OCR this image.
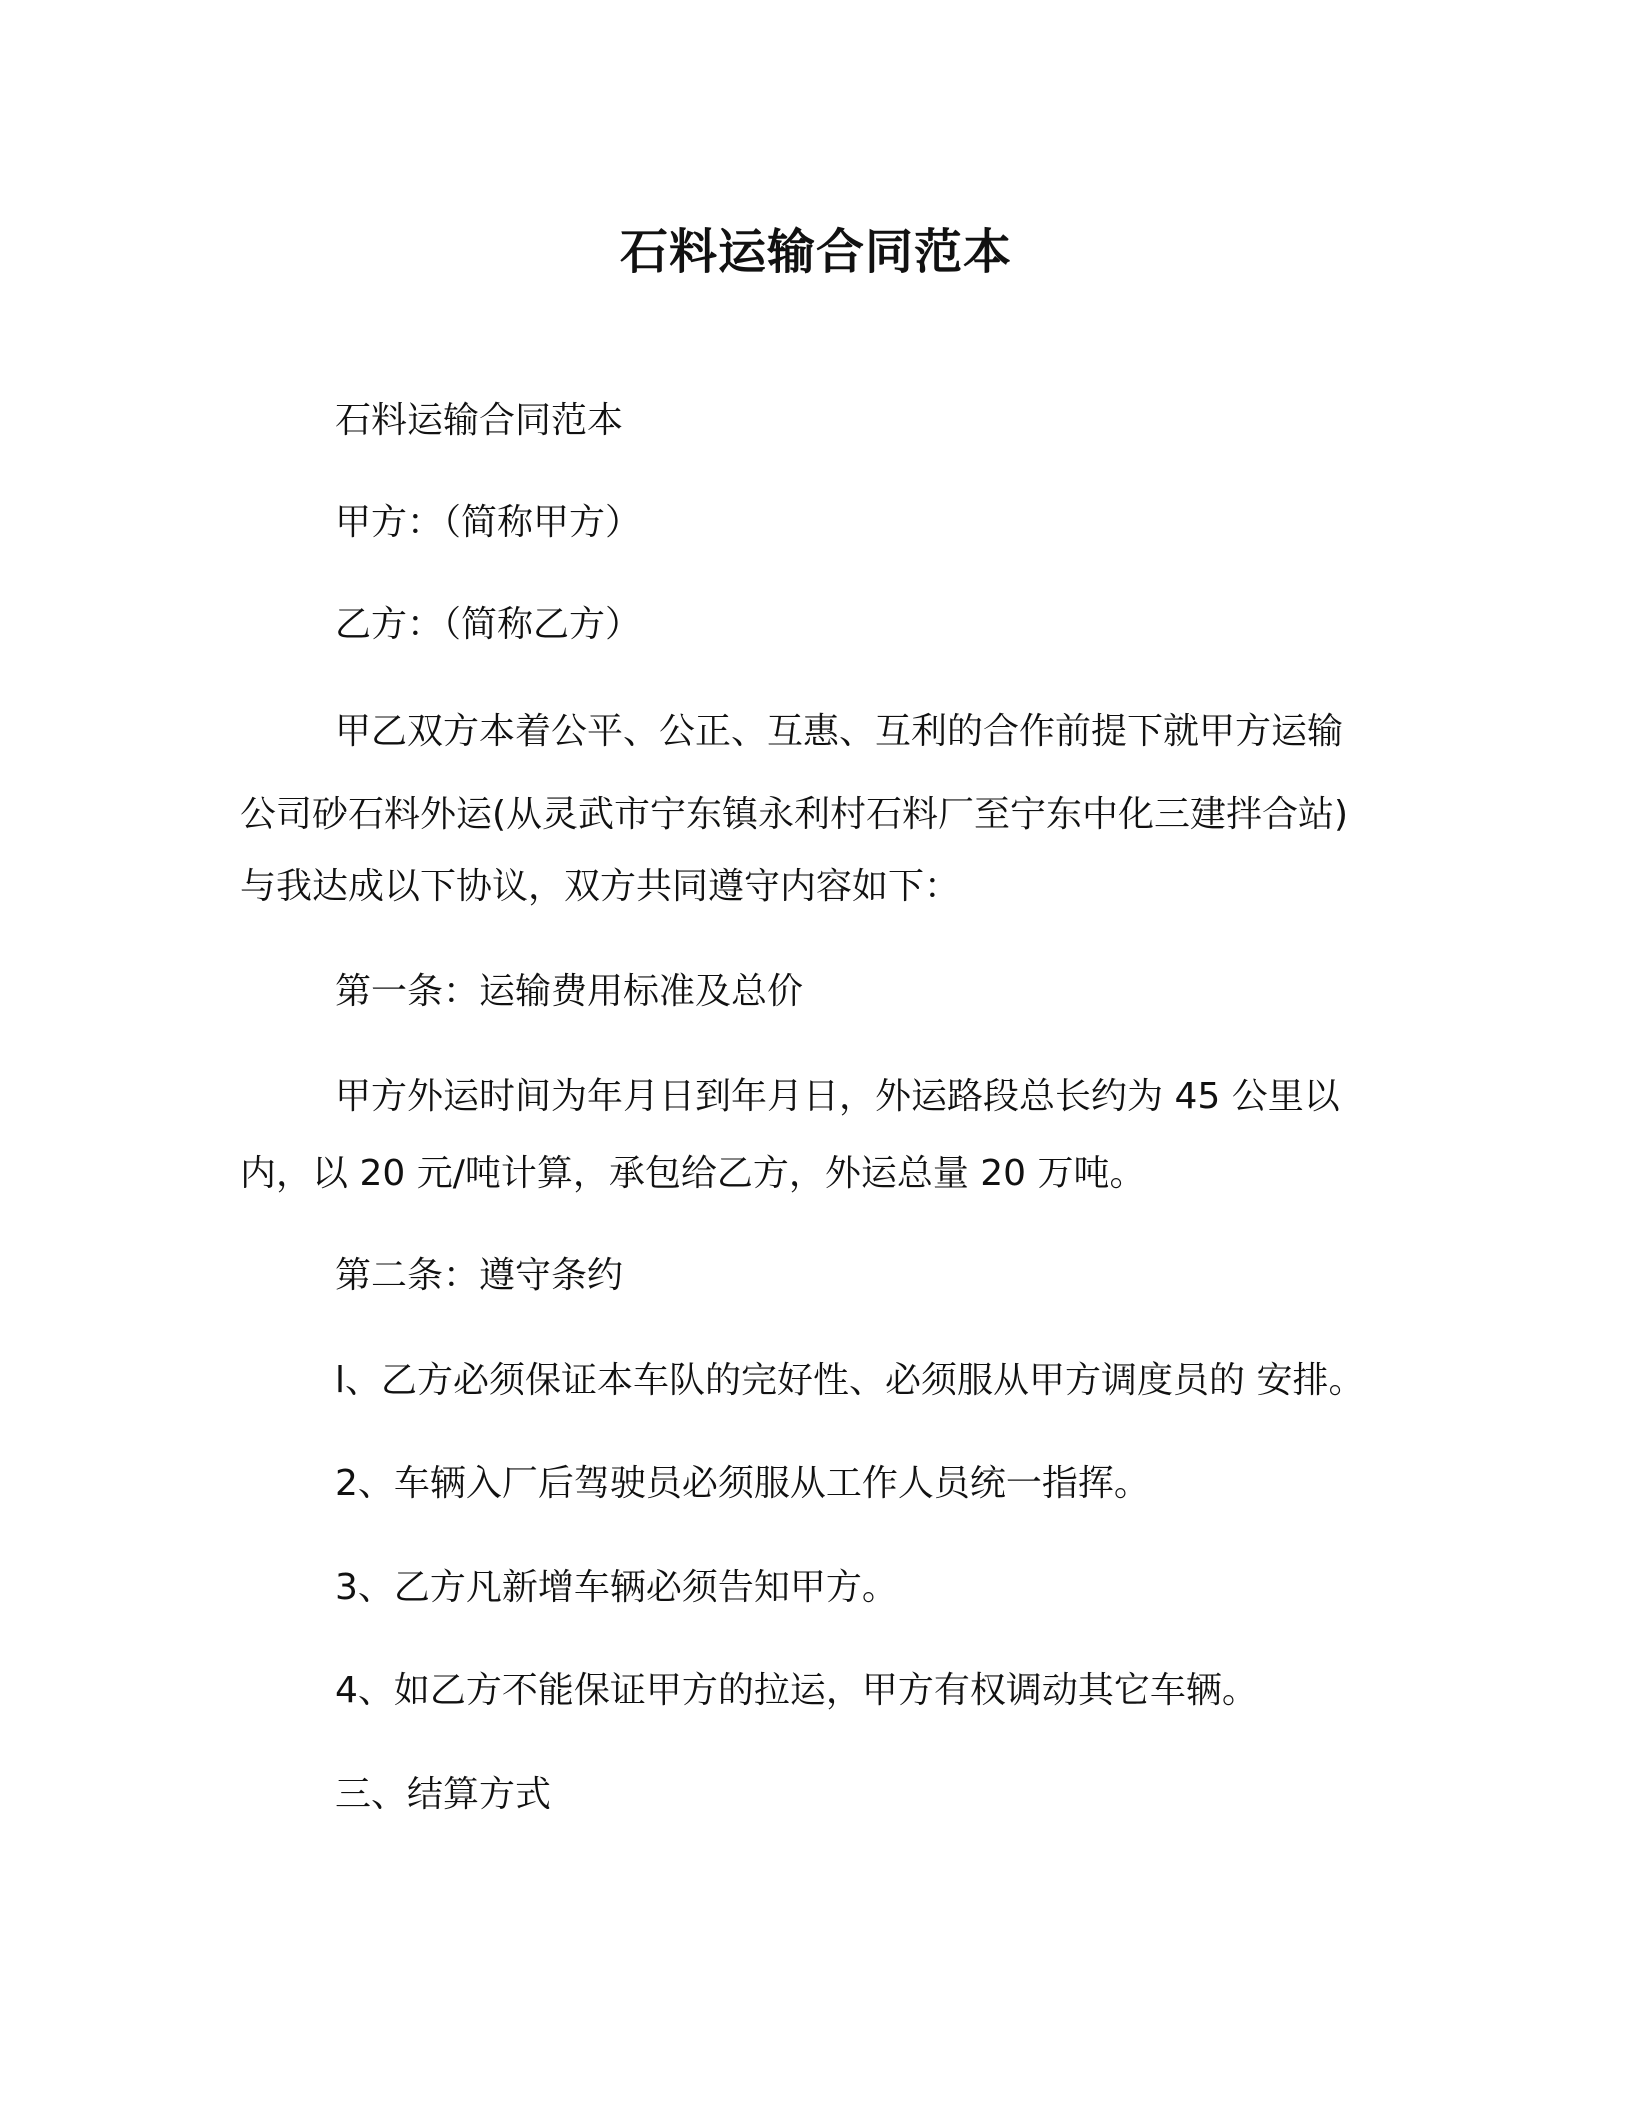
石料运输合同范本
石料运输合同范本
甲方：（简称甲方）
乙方：（简称乙方）
甲乙双方本着公平、公正、互惠、互利的合作前提下就甲方运输
公司砂石料外运(从灵武市宁东镇永利村石料厂至宁东中化三建拌合站)
与我达成以下协议，双方共同遵守内容如下：
第一条：运输费用标准及总价
甲方外运时间为年月日到年月日，外运路段总长约为 45 公里以
内，以 20 元/吨计算，承包给乙方，外运总量 20 万吨。
第二条：遵守条约
l、乙方必须保证本车队的完好性、必须服从甲方调度员的 安排。
2、车辆入厂后驾驶员必须服从工作人员统一指挥。
3、乙方凡新增车辆必须告知甲方。
4、如乙方不能保证甲方的拉运，甲方有权调动其它车辆。
三、结算方式
